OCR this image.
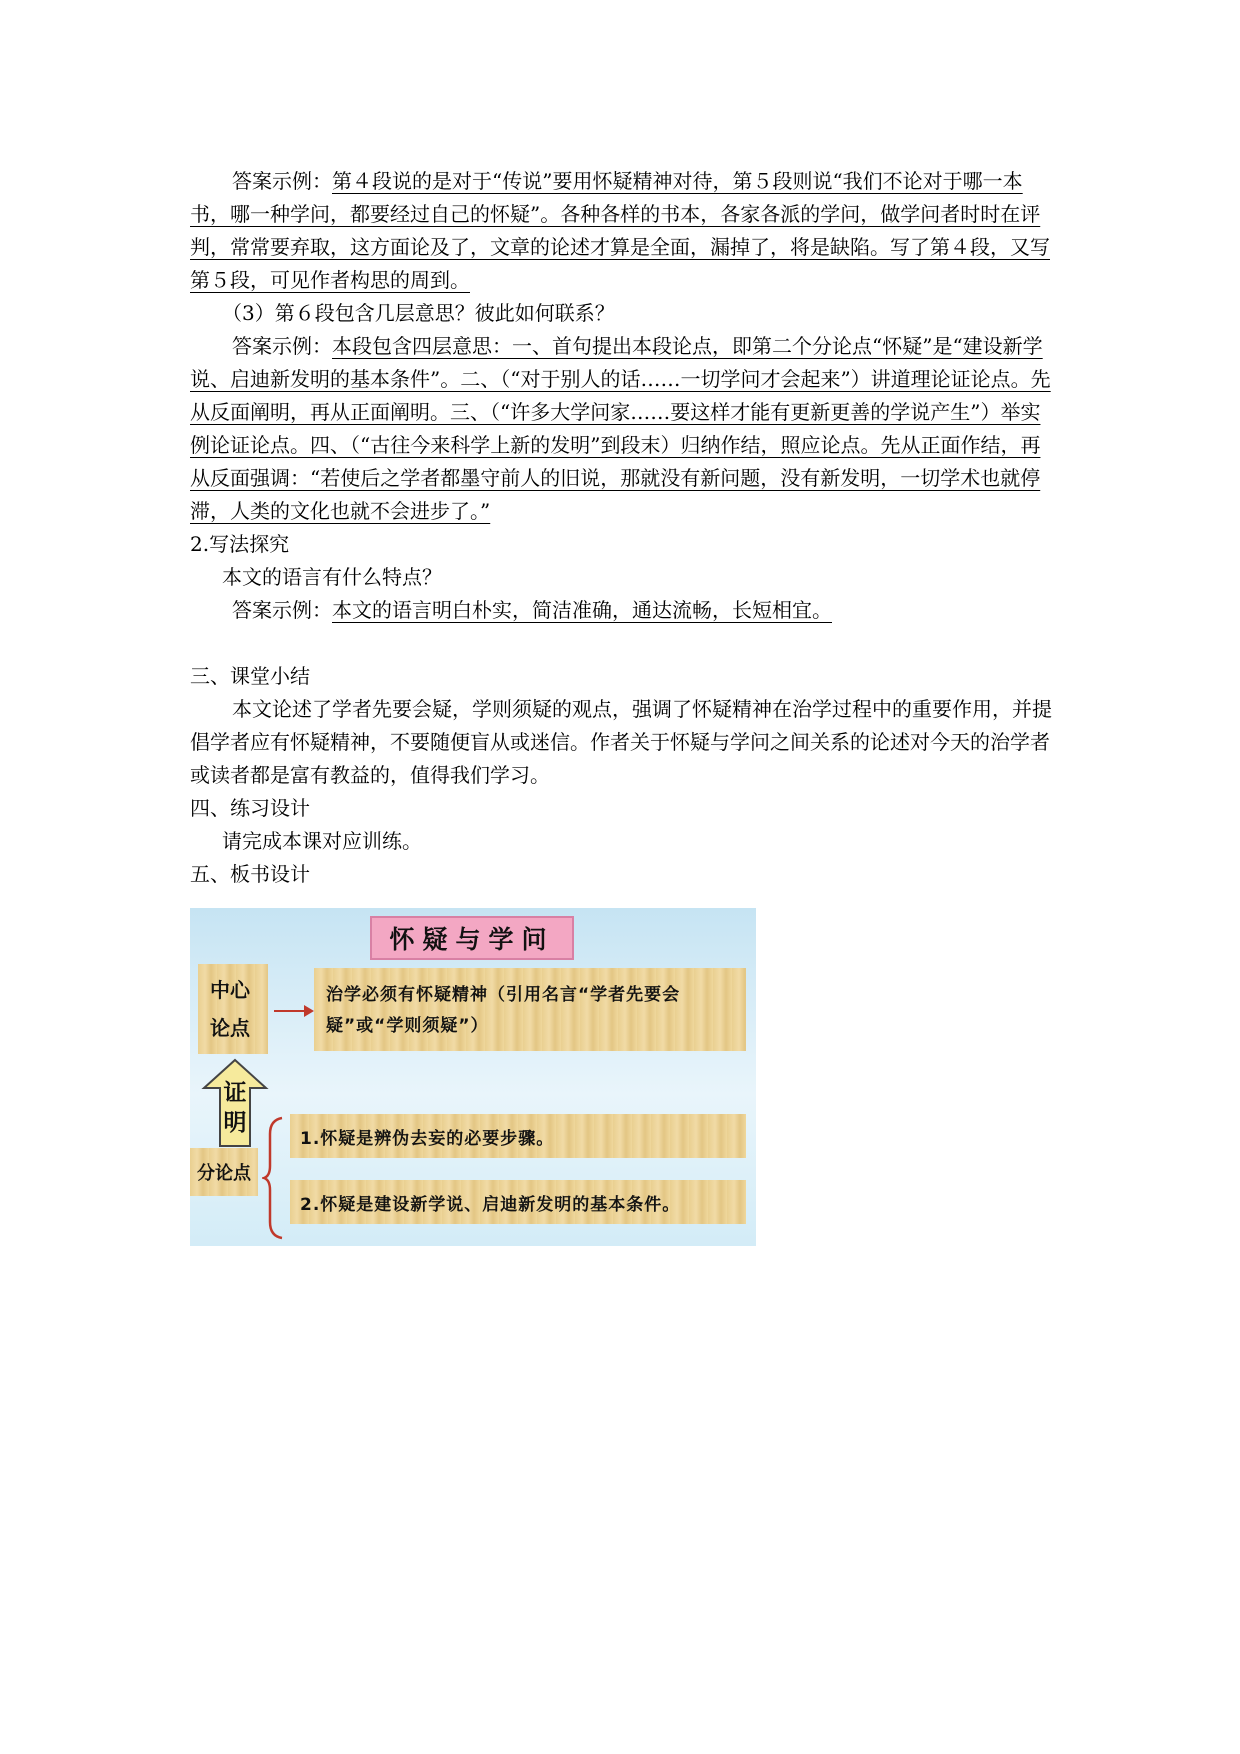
答案示例：第４段说的是对于“传说”要用怀疑精神对待，第５段则说“我们不论对于哪一本书，哪一种学问，都要经过自己的怀疑”。各种各样的书本，各家各派的学问，做学问者时时在评判，常常要弃取，这方面论及了，文章的论述才算是全面，漏掉了，将是缺陷。写了第４段，又写第５段，可见作者构思的周到。

（3）第６段包含几层意思？彼此如何联系？

答案示例：本段包含四层意思：一、首句提出本段论点，即第二个分论点“怀疑”是“建设新学说、启迪新发明的基本条件”。二、（“对于别人的话……一切学问才会起来”）讲道理论证论点。先从反面阐明，再从正面阐明。三、（“许多大学问家……要这样才能有更新更善的学说产生”）举实例论证论点。四、（“古往今来科学上新的发明”到段末）归纳作结，照应论点。先从正面作结，再从反面强调：“若使后之学者都墨守前人的旧说，那就没有新问题，没有新发明，一切学术也就停滞，人类的文化也就不会进步了。”

2.写法探究

本文的语言有什么特点？

答案示例：本文的语言明白朴实，简洁准确，通达流畅，长短相宜。

三、课堂小结

本文论述了学者先要会疑，学则须疑的观点，强调了怀疑精神在治学过程中的重要作用，并提倡学者应有怀疑精神，不要随便盲从或迷信。作者关于怀疑与学问之间关系的论述对今天的治学者或读者都是富有教益的，值得我们学习。

四、练习设计

请完成本课对应训练。

五、板书设计

怀疑与学问
中心
论点
治学必须有怀疑精神（引用名言“学者先要会疑”或“学则须疑”）
证
明
分论点
1.怀疑是辨伪去妄的必要步骤。
2.怀疑是建设新学说、启迪新发明的基本条件。
